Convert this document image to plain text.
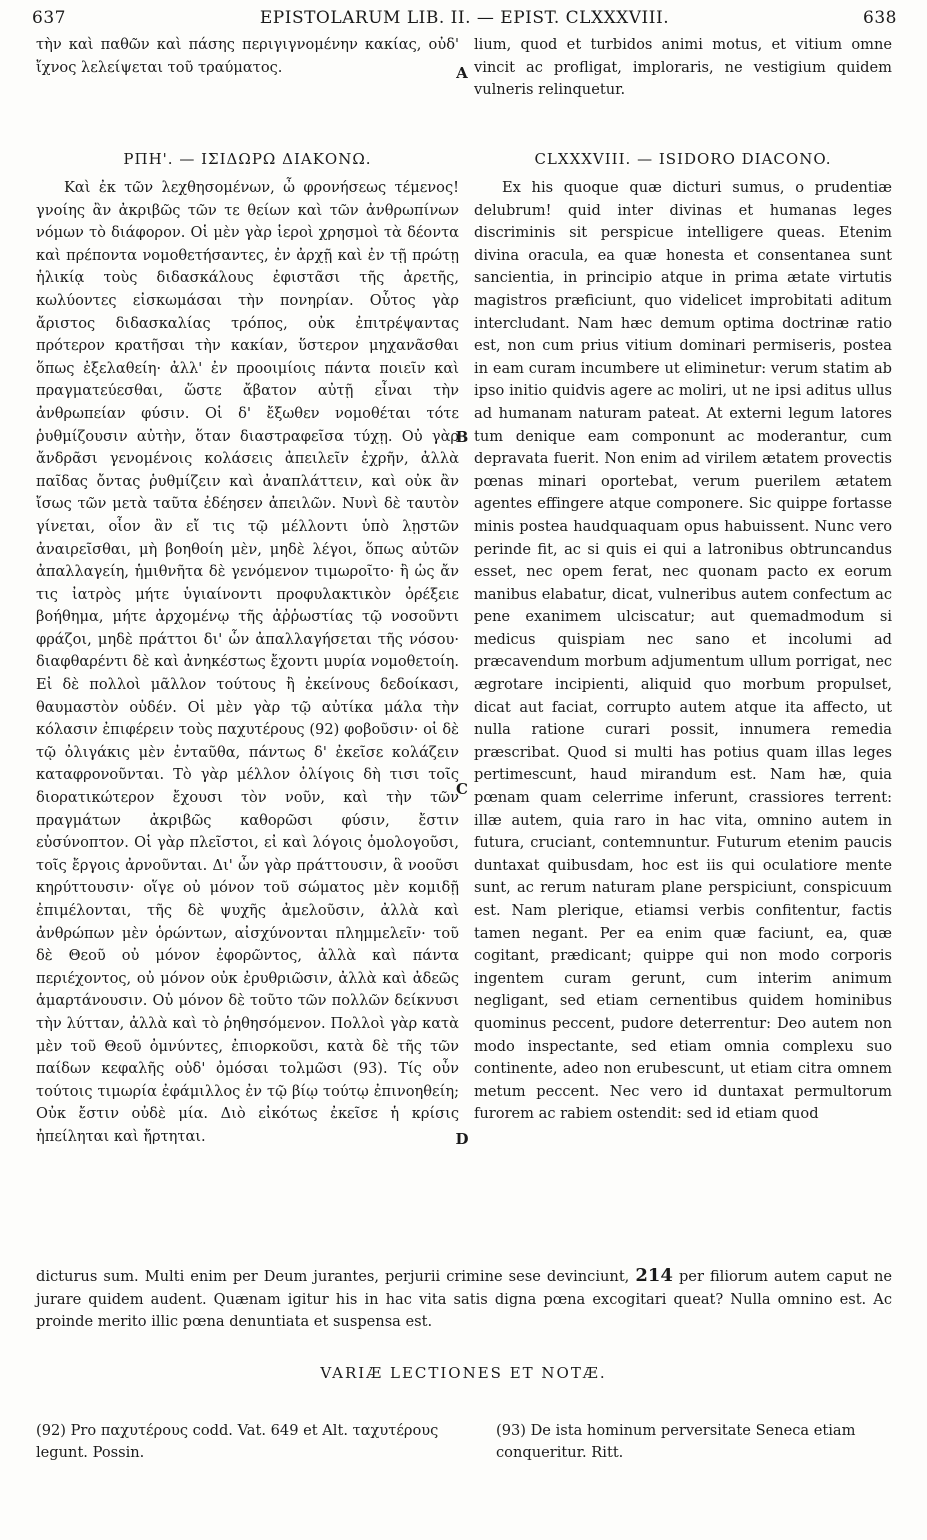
637	EPISTOLARUM LIB. II. — EPIST. CLXXXVIII.	638

τὴν καὶ παθῶν καὶ πάσης περιγιγνομένην κακίας, οὐδ' ἴχνος λελείψεται τοῦ τραύματος.

lium, quod et turbidos animi motus, et vitium omne vincit ac profligat, imploraris, ne vestigium quidem vulneris relinquetur.

ΡΠΗ'. — ΙΣΙΔΩΡΩ ΔΙΑΚΟΝΩ.	CLXXXVIII. — ISIDORO DIACONO.

Καὶ ἐκ τῶν λεχθησομένων, ὦ φρονήσεως τέμενος! γνοίης ἂν ἀκριβῶς τῶν τε θείων καὶ τῶν ἀνθρωπίνων νόμων τὸ διάφορον. Οἱ μὲν γὰρ ἱεροὶ χρησμοὶ τὰ δέοντα καὶ πρέποντα νομοθετήσαντες, ἐν ἀρχῇ καὶ ἐν τῇ πρώτῃ ἡλικίᾳ τοὺς διδασκάλους ἐφιστᾶσι τῆς ἀρετῆς, κωλύοντες εἰσκωμάσαι τὴν πονηρίαν. Οὗτος γὰρ ἄριστος διδασκαλίας τρόπος, οὐκ ἐπιτρέψαντας πρότερον κρατῆσαι τὴν κακίαν, ὕστερον μηχανᾶσθαι ὅπως ἐξελαθείη· ἀλλ' ἐν προοιμίοις πάντα ποιεῖν καὶ πραγματεύεσθαι, ὥστε ἄβατον αὐτῇ εἶναι τὴν ἀνθρωπείαν φύσιν. Οἱ δ' ἔξωθεν νομοθέται τότε ῥυθμίζουσιν αὐτὴν, ὅταν διαστραφεῖσα τύχῃ. Οὐ γὰρ ἄνδρᾶσι γενομένοις κολάσεις ἀπειλεῖν ἐχρῆν, ἀλλὰ παῖδας ὄντας ῥυθμίζειν καὶ ἀναπλάττειν, καὶ οὐκ ἂν ἴσως τῶν μετὰ ταῦτα ἐδέησεν ἀπειλῶν. Νυνὶ δὲ ταυτὸν γίνεται, οἷον ἂν εἴ τις τῷ μέλλοντι ὑπὸ λῃστῶν ἀναιρεῖσθαι, μὴ βοηθοίη μὲν, μηδὲ λέγοι, ὅπως αὐτῶν ἀπαλλαγείη, ἡμιθνῆτα δὲ γενόμενον τιμωροῖτο· ἢ ὡς ἄν τις ἰατρὸς μήτε ὑγιαίνοντι προφυλακτικὸν ὀρέξειε βοήθημα, μήτε ἀρχομένῳ τῆς ἀῤῥωστίας τῷ νοσοῦντι φράζοι, μηδὲ πράττοι δι' ὧν ἀπαλλαγήσεται τῆς νόσου· διαφθαρέντι δὲ καὶ ἀνηκέστως ἔχοντι μυρία νομοθετοίη. Εἰ δὲ πολλοὶ μᾶλλον τούτους ἢ ἐκείνους δεδοίκασι, θαυμαστὸν οὐδέν. Οἱ μὲν γὰρ τῷ αὐτίκα μάλα τὴν κόλασιν ἐπιφέρειν τοὺς παχυτέρους (92) φοβοῦσιν· οἱ δὲ τῷ ὀλιγάκις μὲν ἐνταῦθα, πάντως δ' ἐκεῖσε κολάζειν καταφρονοῦνται. Τὸ γὰρ μέλλον ὀλίγοις δὴ τισι τοῖς διορατικώτερον ἔχουσι τὸν νοῦν, καὶ τὴν τῶν πραγμάτων ἀκριβῶς καθορῶσι φύσιν, ἔστιν εὐσύνοπτον. Οἱ γὰρ πλεῖστοι, εἰ καὶ λόγοις ὁμολογοῦσι, τοῖς ἔργοις ἀρνοῦνται. Δι' ὧν γὰρ πράττουσιν, ἃ νοοῦσι κηρύττουσιν· οἵγε οὐ μόνον τοῦ σώματος μὲν κομιδῇ ἐπιμέλονται, τῆς δὲ ψυχῆς ἀμελοῦσιν, ἀλλὰ καὶ ἀνθρώπων μὲν ὁρώντων, αἰσχύνονται πλημμελεῖν· τοῦ δὲ Θεοῦ οὐ μόνον ἐφορῶντος, ἀλλὰ καὶ πάντα περιέχοντος, οὐ μόνον οὐκ ἐρυθριῶσιν, ἀλλὰ καὶ ἀδεῶς ἁμαρτάνουσιν. Οὐ μόνον δὲ τοῦτο τῶν πολλῶν δείκνυσι τὴν λύτταν, ἀλλὰ καὶ τὸ ῥηθησόμενον. Πολλοὶ γὰρ κατὰ μὲν τοῦ Θεοῦ ὀμνύντες, ἐπιορκοῦσι, κατὰ δὲ τῆς τῶν παίδων κεφαλῆς οὐδ' ὀμόσαι τολμῶσι (93). Τίς οὖν τούτοις τιμωρία ἐφάμιλλος ἐν τῷ βίῳ τούτῳ ἐπινοηθείη; Οὐκ ἔστιν οὐδὲ μία. Διὸ εἰκότως ἐκεῖσε ἡ κρίσις ἠπείληται καὶ ἤρτηται.

Ex his quoque quæ dicturi sumus, o prudentiæ delubrum! quid inter divinas et humanas leges discriminis sit perspicue intelligere queas. Etenim divina oracula, ea quæ honesta et consentanea sunt sancientia, in principio atque in prima ætate virtutis magistros præficiunt, quo videlicet improbitati aditum intercludant. Nam hæc demum optima doctrinæ ratio est, non cum prius vitium dominari permiseris, postea in eam curam incumbere ut eliminetur: verum statim ab ipso initio quidvis agere ac moliri, ut ne ipsi aditus ullus ad humanam naturam pateat. At externi legum latores tum denique eam componunt ac moderantur, cum depravata fuerit. Non enim ad virilem ætatem provectis pœnas minari oportebat, verum puerilem ætatem agentes effingere atque componere. Sic quippe fortasse minis postea haudquaquam opus habuissent. Nunc vero perinde fit, ac si quis ei qui a latronibus obtruncandus esset, nec opem ferat, nec quonam pacto ex eorum manibus elabatur, dicat, vulneribus autem confectum ac pene exanimem ulciscatur; aut quemadmodum si medicus quispiam nec sano et incolumi ad præcavendum morbum adjumentum ullum porrigat, nec ægrotare incipienti, aliquid quo morbum propulset, dicat aut faciat, corrupto autem atque ita affecto, ut nulla ratione curari possit, innumera remedia præscribat. Quod si multi has potius quam illas leges pertimescunt, haud mirandum est. Nam hæ, quia pœnam quam celerrime inferunt, crassiores terrent: illæ autem, quia raro in hac vita, omnino autem in futura, cruciant, contemnuntur. Futurum etenim paucis duntaxat quibusdam, hoc est iis qui oculatiore mente sunt, ac rerum naturam plane perspiciunt, conspicuum est. Nam plerique, etiamsi verbis confitentur, factis tamen negant. Per ea enim quæ faciunt, ea, quæ cogitant, prædicant; quippe qui non modo corporis ingentem curam gerunt, cum interim animum negligant, sed etiam cernentibus quidem hominibus quominus peccent, pudore deterrentur: Deo autem non modo inspectante, sed etiam omnia complexu suo continente, adeo non erubescunt, ut etiam citra omnem metum peccent. Nec vero id duntaxat permultorum furorem ac rabiem ostendit: sed id etiam quod

A
B
C
D

dicturus sum. Multi enim per Deum jurantes, perjurii crimine sese devinciunt, 214 per filiorum autem caput ne jurare quidem audent. Quænam igitur his in hac vita satis digna pœna excogitari queat? Nulla omnino est. Ac proinde merito illic pœna denuntiata et suspensa est.

VARIÆ LECTIONES ET NOTÆ.
(92) Pro παχυτέρους codd. Vat. 649 et Alt. ταχυτέρους legunt. Possin.
(93) De ista hominum perversitate Seneca etiam conqueritur. Ritt.
